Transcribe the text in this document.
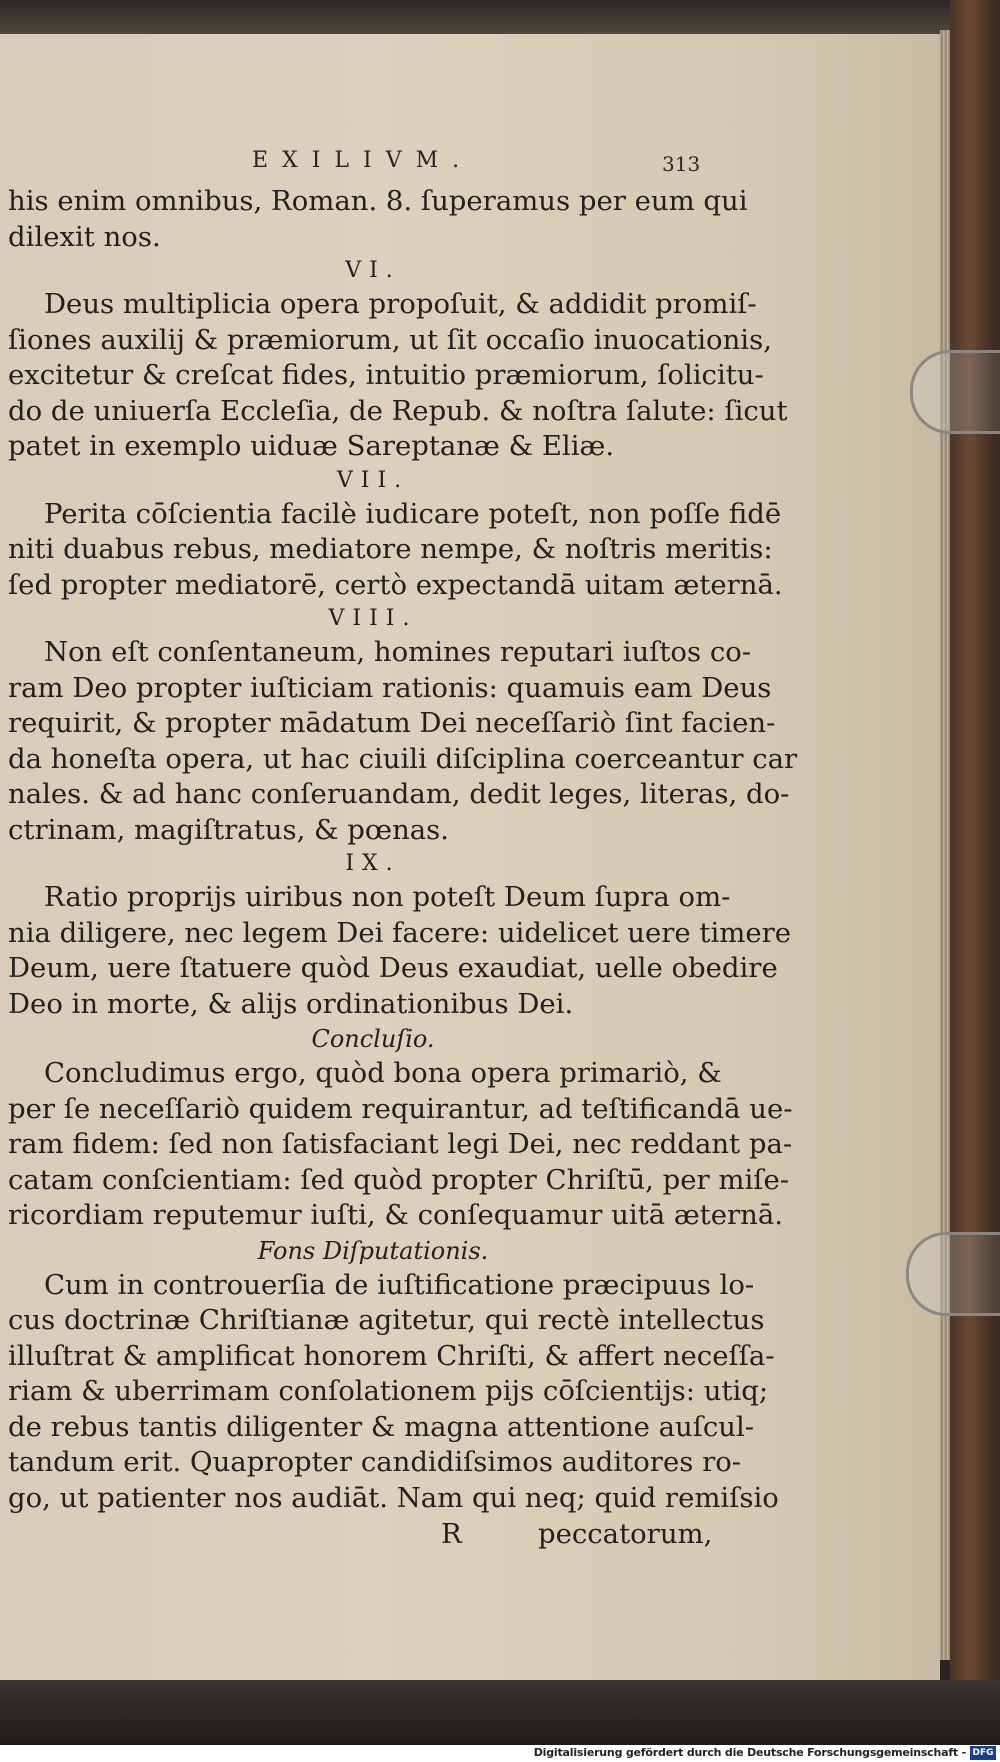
EXILIVM.	313
his enim omnibus, Roman. 8. ſuperamus per eum qui
dilexit nos.
VI.
Deus multiplicia opera propoſuit, & addidit promiſ-
ſiones auxilij & præmiorum, ut ſit occaſio inuocationis,
excitetur & creſcat fides, intuitio præmiorum, ſolicitu-
do de uniuerſa Eccleſia, de Repub. & noſtra ſalute: ſicut
patet in exemplo uiduæ Sareptanæ & Eliæ.
VII.
Perita cōſcientia facilè iudicare poteſt, non poſſe fidē
niti duabus rebus, mediatore nempe, & noſtris meritis:
ſed propter mediatorē, certò expectandā uitam æternā.
VIII.
Non eſt conſentaneum, homines reputari iuſtos co-
ram Deo propter iuſticiam rationis: quamuis eam Deus
requirit, & propter mādatum Dei neceſſariò ſint facien-
da honeſta opera, ut hac ciuili diſciplina coerceantur car
nales. & ad hanc conſeruandam, dedit leges, literas, do-
ctrinam, magiſtratus, & pœnas.
IX.
Ratio proprijs uiribus non poteſt Deum ſupra om-
nia diligere, nec legem Dei facere: uidelicet uere timere
Deum, uere ſtatuere quòd Deus exaudiat, uelle obedire
Deo in morte, & alijs ordinationibus Dei.
Concluſio.
Concludimus ergo, quòd bona opera primariò, &
per ſe neceſſariò quidem requirantur, ad teſtificandā ue-
ram fidem: ſed non ſatisfaciant legi Dei, nec reddant pa-
catam conſcientiam: ſed quòd propter Chriſtū, per miſe-
ricordiam reputemur iuſti, & conſequamur uitā æternā.
Fons Diſputationis.
Cum in controuerſia de iuſtificatione præcipuus lo-
cus doctrinæ Chriſtianæ agitetur, qui rectè intellectus
illuſtrat & amplificat honorem Chriſti, & affert neceſſa-
riam & uberrimam conſolationem pijs cōſcientijs: utiq;
de rebus tantis diligenter & magna attentione auſcul-
tandum erit. Quapropter candidiſsimos auditores ro-
go, ut patienter nos audiāt. Nam qui neq; quid remiſsio
R	peccatorum,
Digitalisierung gefördert durch die Deutsche Forschungsgemeinschaft - DFG
